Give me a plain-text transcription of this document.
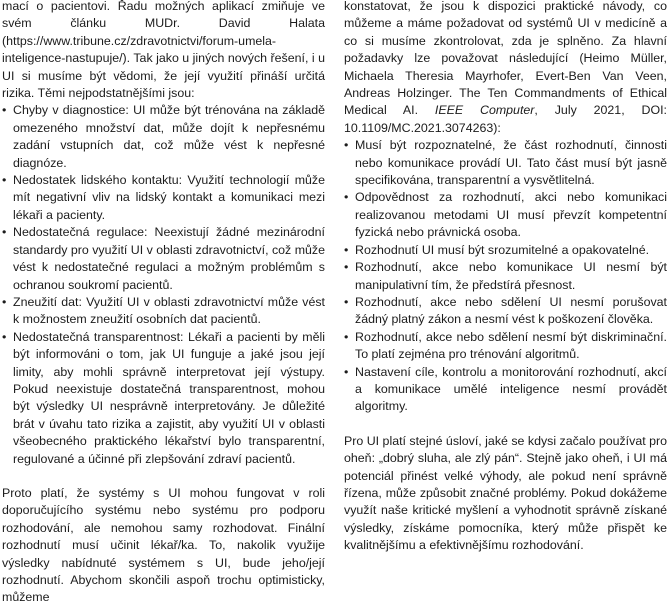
mací o pacientovi. Řadu možných aplikací zmiňuje ve svém článku MUDr. David Halata (https://www.tribune.cz/zdravotnictvi/forum-umela-inteligence-nastupuje/). Tak jako u jiných nových řešení, i u UI si musíme být vědomi, že její využití přináší určitá rizika. Těmi nejpodstatnějšími jsou:

• Chyby v diagnostice: UI může být trénována na základě omezeného množství dat, může dojít k nepřesnému zadání vstupních dat, což může vést k nepřesné diagnóze.
• Nedostatek lidského kontaktu: Využití technologií může mít negativní vliv na lidský kontakt a komunikaci mezi lékaři a pacienty.
• Nedostatečná regulace: Neexistují žádné mezinárodní standardy pro využití UI v oblasti zdravotnictví, což může vést k nedostatečné regulaci a možným problémům s ochranou soukromí pacientů.
• Zneužití dat: Využití UI v oblasti zdravotnictví může vést k možnostem zneužití osobních dat pacientů.
• Nedostatečná transparentnost: Lékaři a pacienti by měli být informováni o tom, jak UI funguje a jaké jsou její limity, aby mohli správně interpretovat její výstupy. Pokud neexistuje dostatečná transparentnost, mohou být výsledky UI nesprávně interpretovány. Je důležité brát v úvahu tato rizika a zajistit, aby využití UI v oblasti všeobecného praktického lékařství bylo transparentní, regulované a účinné při zlepšování zdraví pacientů.

Proto platí, že systémy s UI mohou fungovat v roli doporučujícího systému nebo systému pro podporu rozhodování, ale nemohou samy rozhodovat. Finální rozhodnutí musí učinit lékař/ka. To, nakolik využije výsledky nabídnuté systémem s UI, bude jeho/její rozhodnutí. Abychom skončili aspoň trochu optimisticky, můžeme

konstatovat, že jsou k dispozici praktické návody, co můžeme a máme požadovat od systémů UI v medicíně a co si musíme zkontrolovat, zda je splněno. Za hlavní požadavky lze považovat následující (Heimo Müller, Michaela Theresia Mayrhofer, Evert-Ben Van Veen, Andreas Holzinger. The Ten Commandments of Ethical Medical AI. IEEE Computer, July 2021, DOI: 10.1109/MC.2021.3074263):

• Musí být rozpoznatelné, že část rozhodnutí, činnosti nebo komunikace provádí UI. Tato část musí být jasně specifikována, transparentní a vysvětlitelná.
• Odpovědnost za rozhodnutí, akci nebo komunikaci realizovanou metodami UI musí převzít kompetentní fyzická nebo právnická osoba.
• Rozhodnutí UI musí být srozumitelné a opakovatelné.
• Rozhodnutí, akce nebo komunikace UI nesmí být manipulativní tím, že předstírá přesnost.
• Rozhodnutí, akce nebo sdělení UI nesmí porušovat žádný platný zákon a nesmí vést k poškození člověka.
• Rozhodnutí, akce nebo sdělení nesmí být diskriminační. To platí zejména pro trénování algoritmů.
• Nastavení cíle, kontrolu a monitorování rozhodnutí, akcí a komunikace umělé inteligence nesmí provádět algoritmy.

Pro UI platí stejné úsloví, jaké se kdysi začalo používat pro oheň: „dobrý sluha, ale zlý pán“. Stejně jako oheň, i UI má potenciál přinést velké výhody, ale pokud není správně řízena, může způsobit značné problémy. Pokud dokážeme využít naše kritické myšlení a vyhodnotit správně získané výsledky, získáme pomocníka, který může přispět ke kvalitnějšímu a efektivnějšímu rozhodování.
